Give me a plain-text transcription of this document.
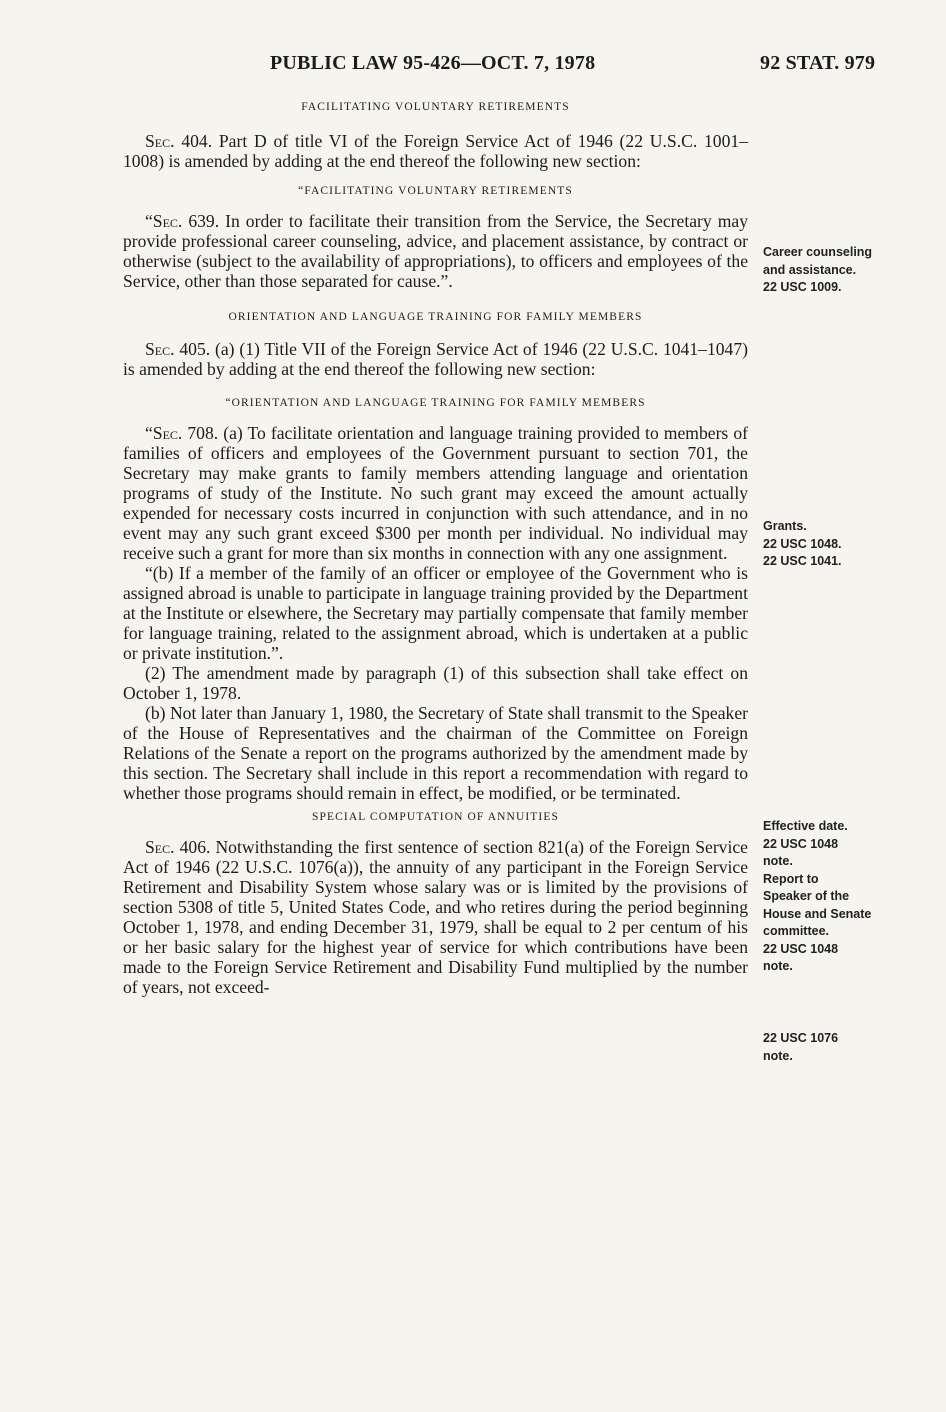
PUBLIC LAW 95-426—OCT. 7, 1978	92 STAT. 979

FACILITATING VOLUNTARY RETIREMENTS

Sec. 404. Part D of title VI of the Foreign Service Act of 1946 (22 U.S.C. 1001–1008) is amended by adding at the end thereof the following new section:

“FACILITATING VOLUNTARY RETIREMENTS

“Sec. 639. In order to facilitate their transition from the Service, the Secretary may provide professional career counseling, advice, and placement assistance, by contract or otherwise (subject to the availability of appropriations), to officers and employees of the Service, other than those separated for cause.”.

ORIENTATION AND LANGUAGE TRAINING FOR FAMILY MEMBERS

Sec. 405. (a) (1) Title VII of the Foreign Service Act of 1946 (22 U.S.C. 1041–1047) is amended by adding at the end thereof the following new section:

“ORIENTATION AND LANGUAGE TRAINING FOR FAMILY MEMBERS

“Sec. 708. (a) To facilitate orientation and language training provided to members of families of officers and employees of the Government pursuant to section 701, the Secretary may make grants to family members attending language and orientation programs of study of the Institute. No such grant may exceed the amount actually expended for necessary costs incurred in conjunction with such attendance, and in no event may any such grant exceed $300 per month per individual. No individual may receive such a grant for more than six months in connection with any one assignment.

“(b) If a member of the family of an officer or employee of the Government who is assigned abroad is unable to participate in language training provided by the Department at the Institute or elsewhere, the Secretary may partially compensate that family member for language training, related to the assignment abroad, which is undertaken at a public or private institution.”.

(2) The amendment made by paragraph (1) of this subsection shall take effect on October 1, 1978.

(b) Not later than January 1, 1980, the Secretary of State shall transmit to the Speaker of the House of Representatives and the chairman of the Committee on Foreign Relations of the Senate a report on the programs authorized by the amendment made by this section. The Secretary shall include in this report a recommendation with regard to whether those programs should remain in effect, be modified, or be terminated.

SPECIAL COMPUTATION OF ANNUITIES

Sec. 406. Notwithstanding the first sentence of section 821(a) of the Foreign Service Act of 1946 (22 U.S.C. 1076(a)), the annuity of any participant in the Foreign Service Retirement and Disability System whose salary was or is limited by the provisions of section 5308 of title 5, United States Code, and who retires during the period beginning October 1, 1978, and ending December 31, 1979, shall be equal to 2 per centum of his or her basic salary for the highest year of service for which contributions have been made to the Foreign Service Retirement and Disability Fund multiplied by the number of years, not exceed-

Career counseling
and assistance.
22 USC 1009.
Grants.
22 USC 1048.
22 USC 1041.
Effective date.
22 USC 1048
note.
Report to
Speaker of the
House and Senate
committee.
22 USC 1048
note.
22 USC 1076
note.
